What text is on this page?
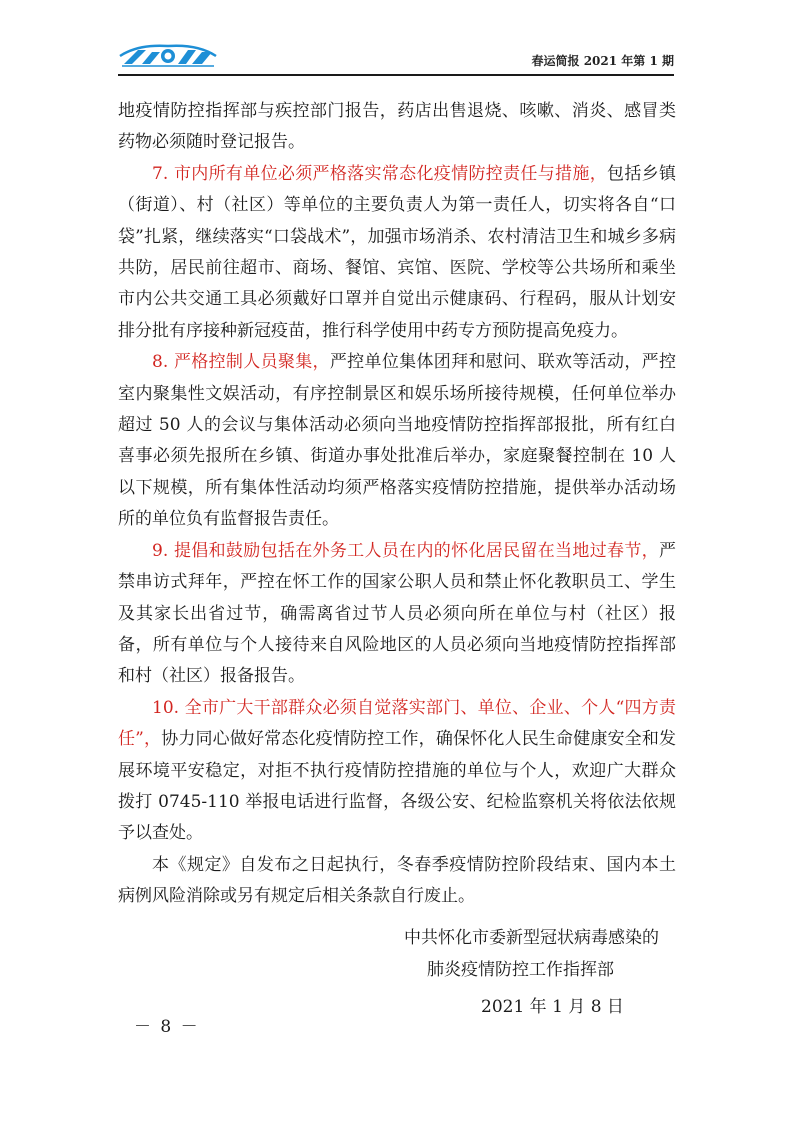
春运简报 2021 年第 1 期

地疫情防控指挥部与疾控部门报告，药店出售退烧、咳嗽、消炎、感冒类药物必须随时登记报告。

7. 市内所有单位必须严格落实常态化疫情防控责任与措施，包括乡镇（街道）、村（社区）等单位的主要负责人为第一责任人，切实将各自“口袋”扎紧，继续落实“口袋战术”，加强市场消杀、农村清洁卫生和城乡多病共防，居民前往超市、商场、餐馆、宾馆、医院、学校等公共场所和乘坐市内公共交通工具必须戴好口罩并自觉出示健康码、行程码，服从计划安排分批有序接种新冠疫苗，推行科学使用中药专方预防提高免疫力。

8. 严格控制人员聚集，严控单位集体团拜和慰问、联欢等活动，严控室内聚集性文娱活动，有序控制景区和娱乐场所接待规模，任何单位举办超过 50 人的会议与集体活动必须向当地疫情防控指挥部报批，所有红白喜事必须先报所在乡镇、街道办事处批准后举办，家庭聚餐控制在 10 人以下规模，所有集体性活动均须严格落实疫情防控措施，提供举办活动场所的单位负有监督报告责任。

9. 提倡和鼓励包括在外务工人员在内的怀化居民留在当地过春节，严禁串访式拜年，严控在怀工作的国家公职人员和禁止怀化教职员工、学生及其家长出省过节，确需离省过节人员必须向所在单位与村（社区）报备，所有单位与个人接待来自风险地区的人员必须向当地疫情防控指挥部和村（社区）报备报告。

10. 全市广大干部群众必须自觉落实部门、单位、企业、个人“四方责任”，协力同心做好常态化疫情防控工作，确保怀化人民生命健康安全和发展环境平安稳定，对拒不执行疫情防控措施的单位与个人，欢迎广大群众拨打 0745-110 举报电话进行监督，各级公安、纪检监察机关将依法依规予以查处。

本《规定》自发布之日起执行，冬春季疫情防控阶段结束、国内本土病例风险消除或另有规定后相关条款自行废止。

中共怀化市委新型冠状病毒感染的

肺炎疫情防控工作指挥部

2021 年 1 月 8 日

－ 8 －
